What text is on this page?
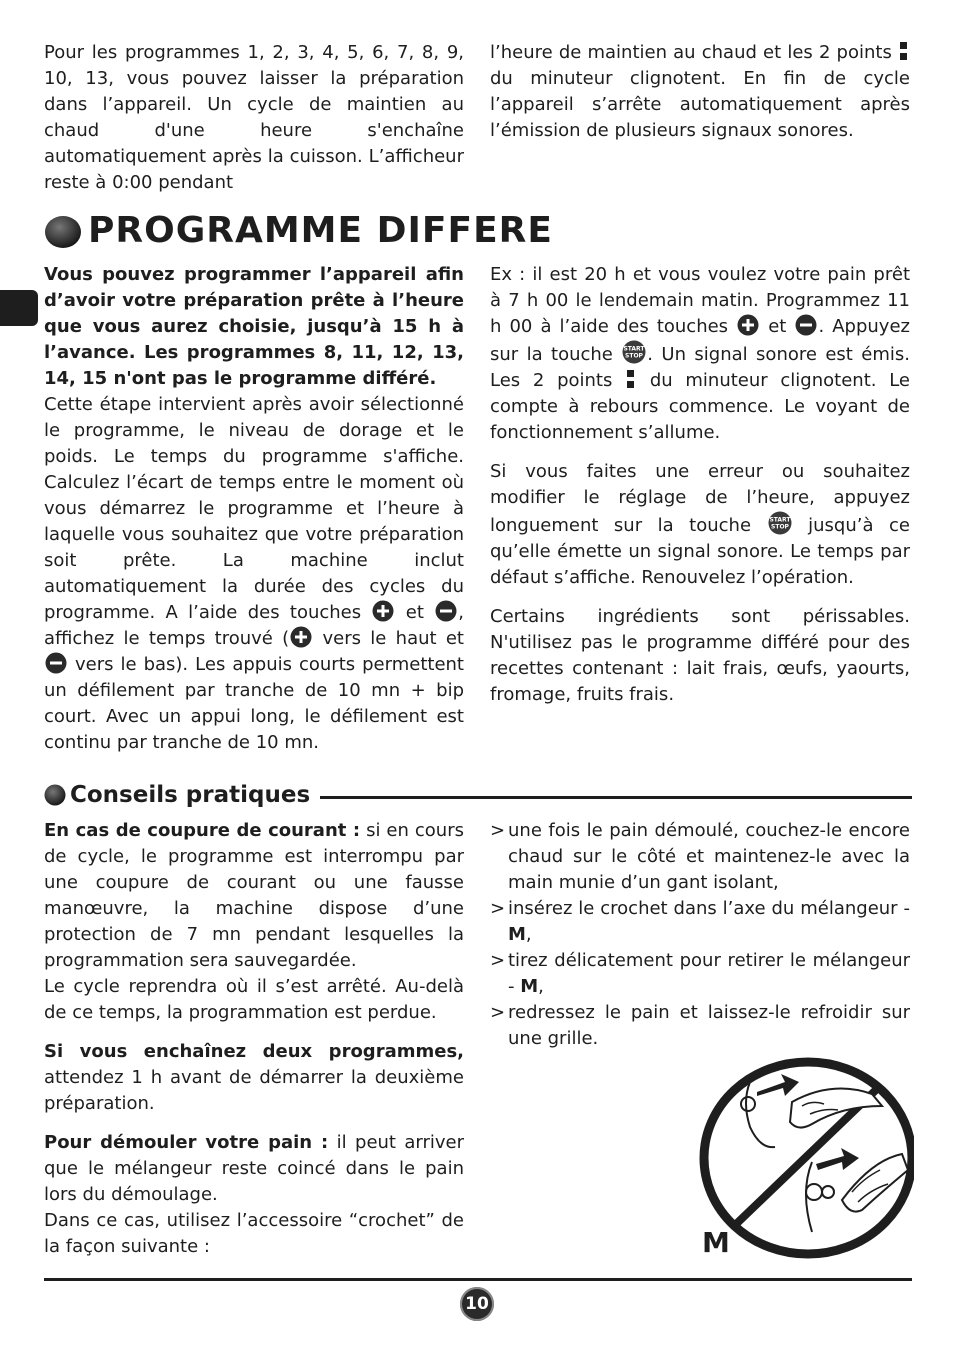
Pour les programmes 1, 2, 3, 4, 5, 6, 7, 8, 9, 10, 13, vous pouvez laisser la préparation dans l’appareil. Un cycle de maintien au chaud d'une heure s'enchaîne automatiquement après la cuisson. L’afficheur reste à 0:00 pendant

l’heure de maintien au chaud et les 2 points  du minuteur clignotent. En fin de cycle l’appareil s’arrête automatiquement après l’émission de plusieurs signaux sonores.

PROGRAMME DIFFERE

Vous pouvez programmer l’appareil afin d’avoir votre préparation prête à l’heure que vous aurez choisie, jusqu’à 15 h à l’avance. Les programmes 8, 11, 12, 13, 14, 15 n'ont pas le programme différé.

Cette étape intervient après avoir sélectionné le programme, le niveau de dorage et le poids. Le temps du programme s'affiche. Calculez l’écart de temps entre le moment où vous démarrez le programme et l’heure à laquelle vous souhaitez que votre préparation soit prête. La machine inclut automatiquement la durée des cycles du programme. A l’aide des touches et , affichez le temps trouvé ( vers le haut et  vers le bas). Les appuis courts permettent un défilement par tranche de 10 mn + bip court. Avec un appui long, le défilement est continu par tranche de 10 mn.

Ex : il est 20 h et vous voulez votre pain prêt à 7 h 00 le lendemain matin. Programmez 11 h 00 à l’aide des touches et . Appuyez sur la touche START
STOP . Un signal sonore est émis. Les 2 points du minuteur clignotent. Le compte à rebours commence. Le voyant de fonctionnement s’allume.

Si vous faites une erreur ou souhaitez modifier le réglage de l’heure, appuyez longuement sur la touche	START
STOP jusqu’à ce qu’elle émette un signal sonore. Le temps par défaut s’affiche. Renouvelez l’opération.

Certains ingrédients sont périssables. N'utilisez pas le programme différé pour des recettes contenant : lait frais, œufs, yaourts, fromage, fruits frais.

Conseils pratiques

En cas de coupure de courant : si en cours de cycle, le programme est interrompu par une coupure de courant ou une fausse manœuvre, la machine dispose d’une protection de 7 mn pendant lesquelles la programmation sera sauvegardée.

Le cycle reprendra où il s’est arrêté. Au-delà de ce temps, la programmation est perdue.

Si vous enchaînez deux programmes, attendez 1 h avant de démarrer la deuxième préparation.

Pour démouler votre pain : il peut arriver que le mélangeur reste coincé dans le pain lors du démoulage.

Dans ce cas, utilisez l’accessoire “crochet” de la façon suivante :

> une fois le pain démoulé, couchez-le encore chaud sur le côté et maintenez-le avec la main munie d’un gant isolant,
> insérez le crochet dans l’axe du mélangeur - M,
> tirez délicatement pour retirer le mélangeur - M,
> redressez le pain et laissez-le refroidir sur une grille.
M
10
